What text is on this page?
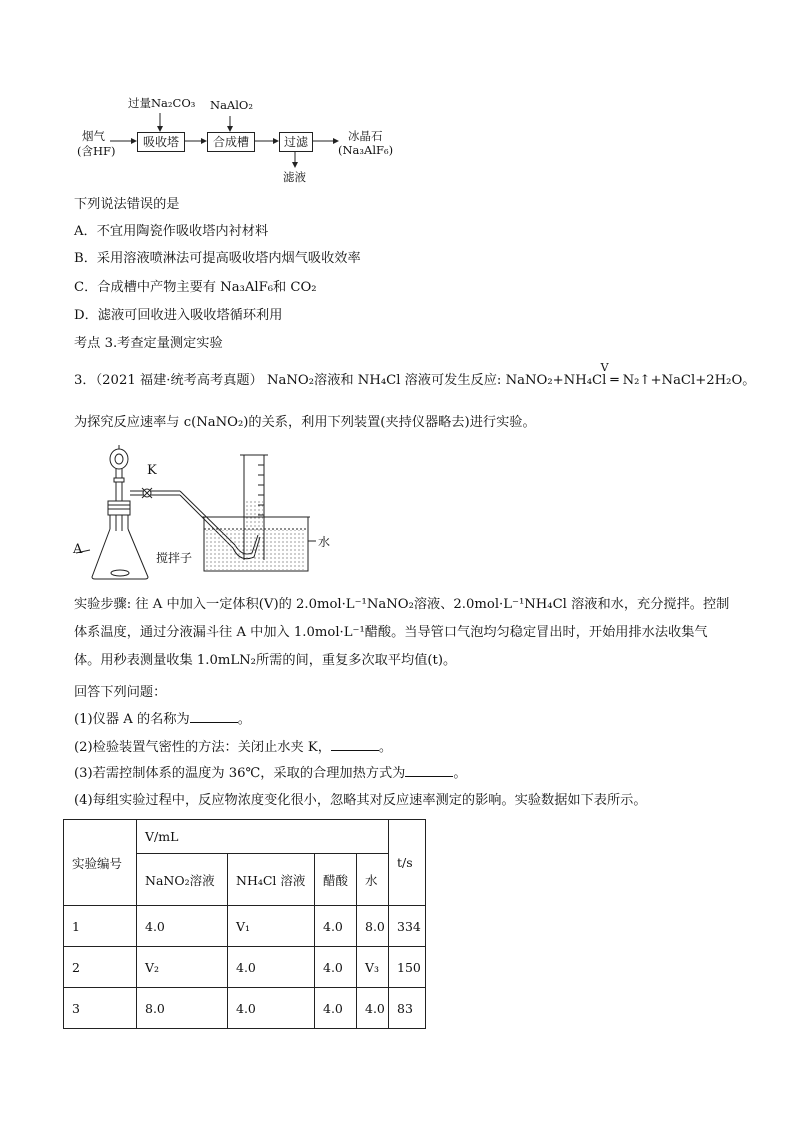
过量Na₂CO₃ NaAlO₂
烟气
(含HF)
吸收塔	合成槽	过滤	冰晶石
(Na₃AlF₆)
滤液
下列说法错误的是
A．不宜用陶瓷作吸收塔内衬材料
B．采用溶液喷淋法可提高吸收塔内烟气吸收效率
C．合成槽中产物主要有 Na₃AlF₆和 CO₂
D．滤液可回收进入吸收塔循环利用
考点 3.考查定量测定实验
3．（2021 福建·统考高考真题） NaNO₂溶液和 NH₄Cl 溶液可发生反应:
V
NaNO₂+NH₄Cl ═ N₂↑+NaCl+2H₂O。
为探究反应速率与 c(NaNO₂)的关系，利用下列装置(夹持仪器略去)进行实验。
A
K
搅拌子
水
实验步骤: 往 A 中加入一定体积(V)的 2.0mol·L⁻¹NaNO₂溶液、2.0mol·L⁻¹NH₄Cl 溶液和水，充分搅拌。控制
体系温度，通过分液漏斗往 A 中加入 1.0mol·L⁻¹醋酸。当导管口气泡均匀稳定冒出时，开始用排水法收集气
体。用秒表测量收集 1.0mLN₂所需的间，重复多次取平均值(t)。
回答下列问题：
(1)仪器 A 的名称为	。
(2)检验装置气密性的方法：关闭止水夹 K，	。
(3)若需控制体系的温度为 36℃，采取的合理加热方式为	。
(4)每组实验过程中，反应物浓度变化很小，忽略其对反应速率测定的影响。实验数据如下表所示。
实验编号	V/mL				t/s
	NaNO₂溶液	NH₄Cl 溶液	醋酸	水	
1	4.0	V₁	4.0	8.0	334
2	V₂	4.0	4.0	V₃	150
3	8.0	4.0	4.0	4.0	83
